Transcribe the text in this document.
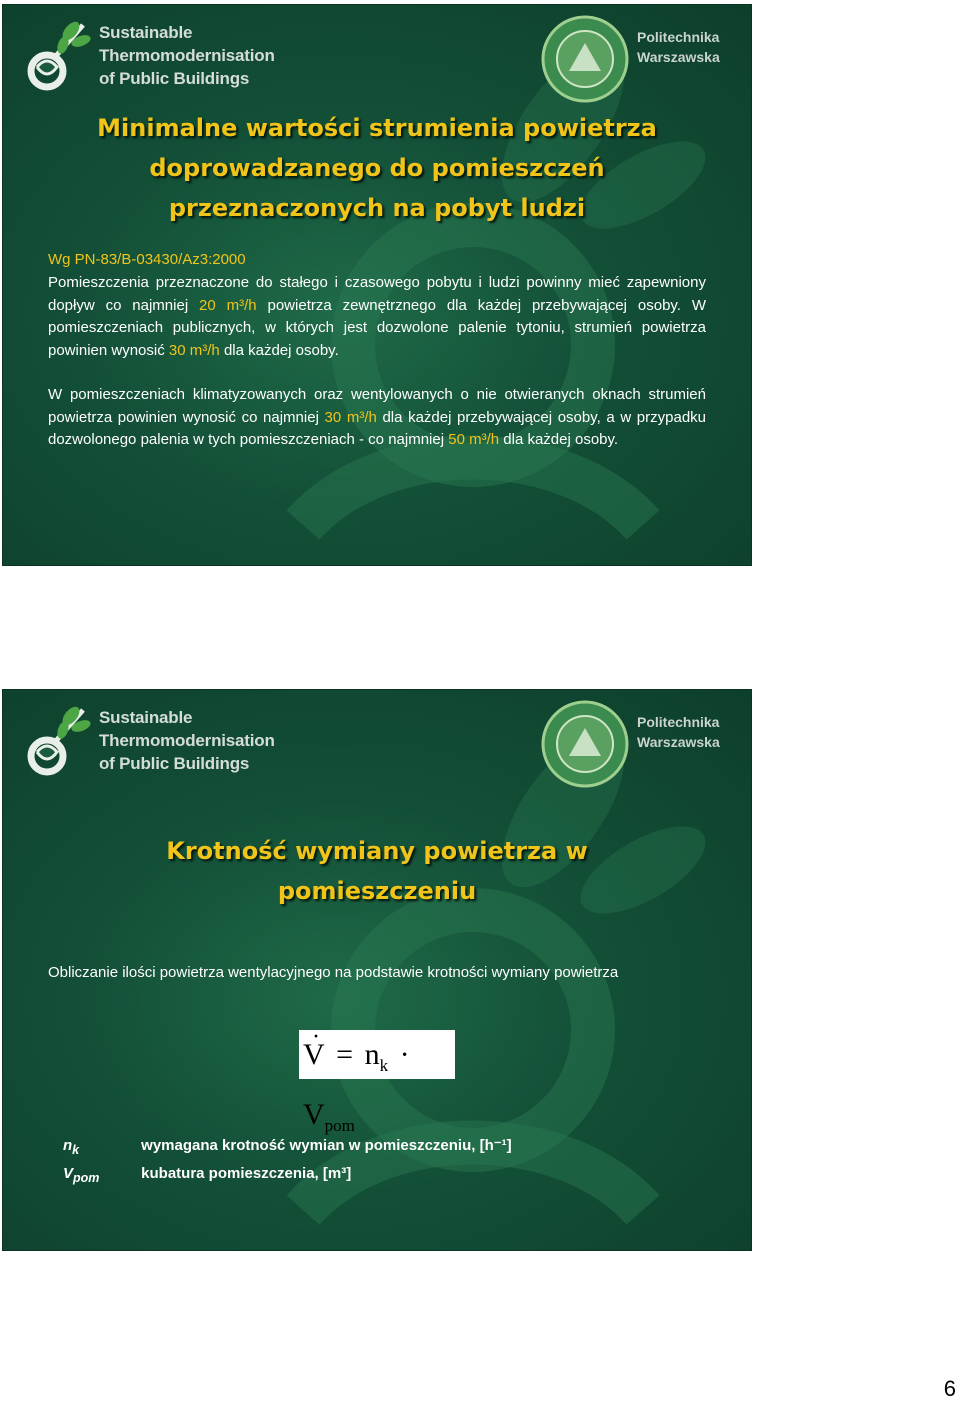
Sustainable
Thermomodernisation
of Public Buildings
Politechnika
Warszawska
Minimalne wartości strumienia powietrza
doprowadzanego do pomieszczeń
przeznaczonych na pobyt ludzi
Wg PN-83/B-03430/Az3:2000

Pomieszczenia przeznaczone do stałego i czasowego pobytu i ludzi powinny mieć zapewniony dopływ co najmniej 20 m³/h powietrza zewnętrznego dla każdej przebywającej osoby. W pomieszczeniach publicznych, w których jest dozwolone palenie tytoniu, strumień powietrza powinien wynosić 30 m³/h dla każdej osoby.

W pomieszczeniach klimatyzowanych oraz wentylowanych o nie otwieranych oknach strumień powietrza powinien wynosić co najmniej 30 m³/h dla każdej przebywającej osoby, a w przypadku dozwolonego palenia w tych pomieszczeniach - co najmniej 50 m³/h dla każdej osoby.

Sustainable
Thermomodernisation
of Public Buildings
Politechnika
Warszawska
Krotność wymiany powietrza w
pomieszczeniu

Obliczanie ilości powietrza wentylacyjnego na podstawie krotności wymiany powietrza

· $V = n_k \cdot V_{pom}$
$n_k$	wymagana krotność wymian w pomieszczeniu, [h⁻¹]
$V_{pom}$	kubatura pomieszczenia, [m³]
6
